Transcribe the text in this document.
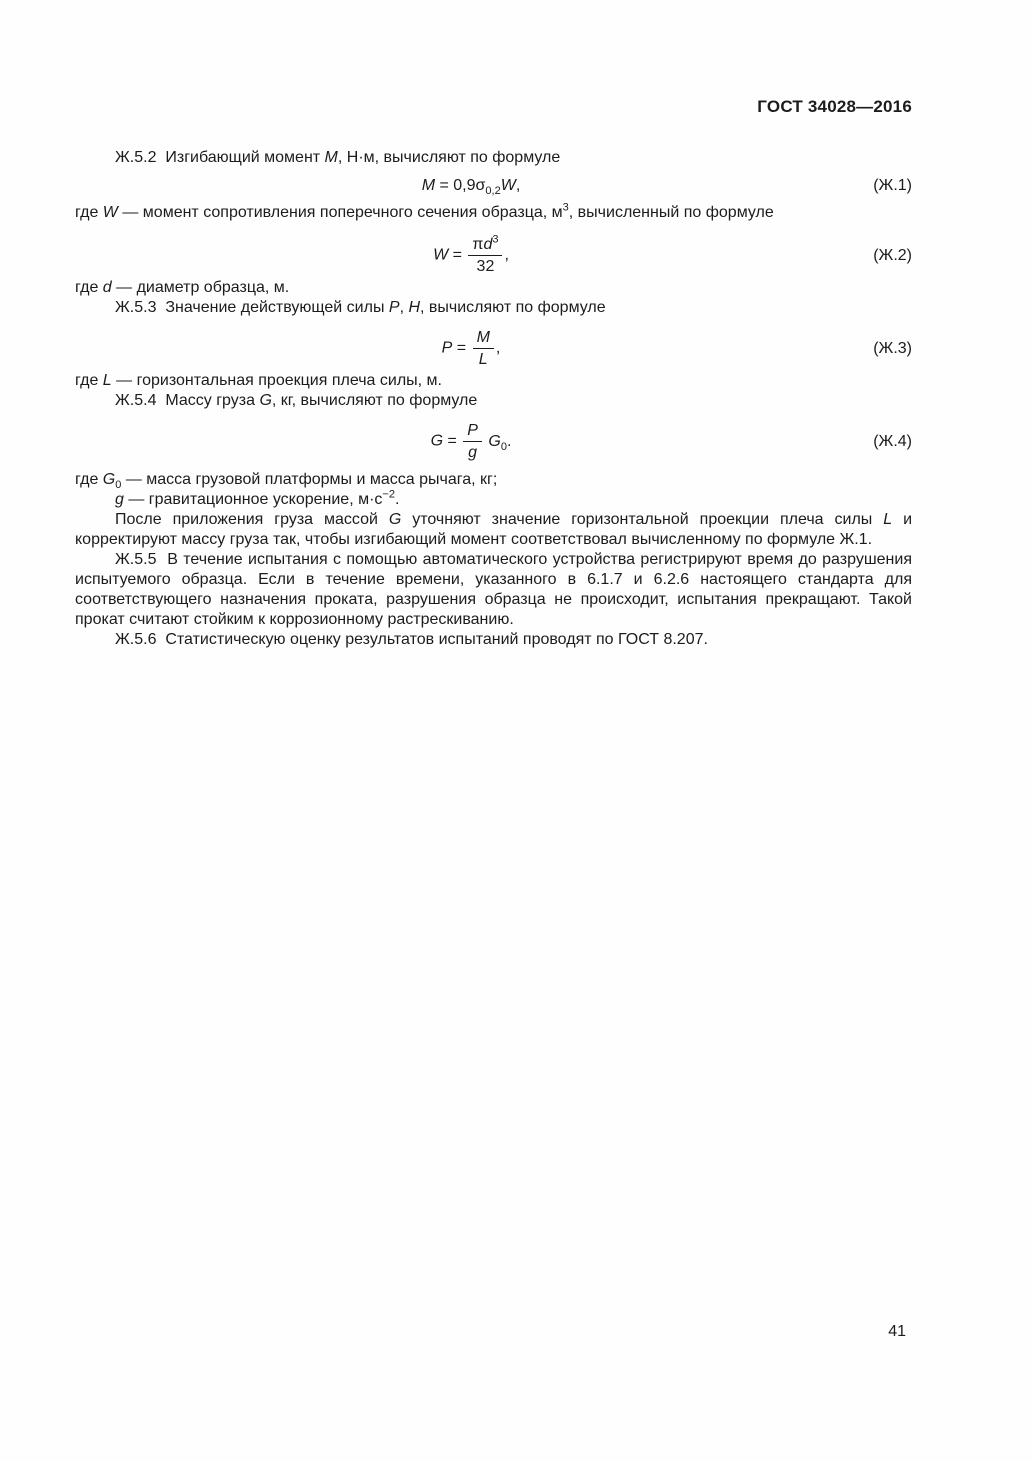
ГОСТ 34028—2016
Ж.5.2  Изгибающий момент M, Н·м, вычисляют по формуле
$M = 0,9\sigma_{0,2}W$,	(Ж.1)
где W — момент сопротивления поперечного сечения образца, $м^3$, вычисленный по формуле
$W = \frac{\pi d^3}{32}$ ,	(Ж.2)
где d — диаметр образца, м.
Ж.5.3  Значение действующей силы P, Н, вычисляют по формуле
$P = \frac{M}{L}$ ,	(Ж.3)
где L — горизонтальная проекция плеча силы, м.
Ж.5.4  Массу груза G, кг, вычисляют по формуле
$G = \frac{P}{g} G_0$.	(Ж.4)
где $G_0$ — масса грузовой платформы и масса рычага, кг;
g — гравитационное ускорение, $м\cdot с^{-2}$.
После приложения груза массой G уточняют значение горизонтальной проекции плеча силы L и корректируют массу груза так, чтобы изгибающий момент соответствовал вычисленному по формуле Ж.1.
Ж.5.5  В течение испытания с помощью автоматического устройства регистрируют время до разрушения испытуемого образца. Если в течение времени, указанного в 6.1.7 и 6.2.6 настоящего стандарта для соответствующего назначения проката, разрушения образца не происходит, испытания прекращают. Такой прокат считают стойким к коррозионному растрескиванию.
Ж.5.6  Статистическую оценку результатов испытаний проводят по ГОСТ 8.207.
41
